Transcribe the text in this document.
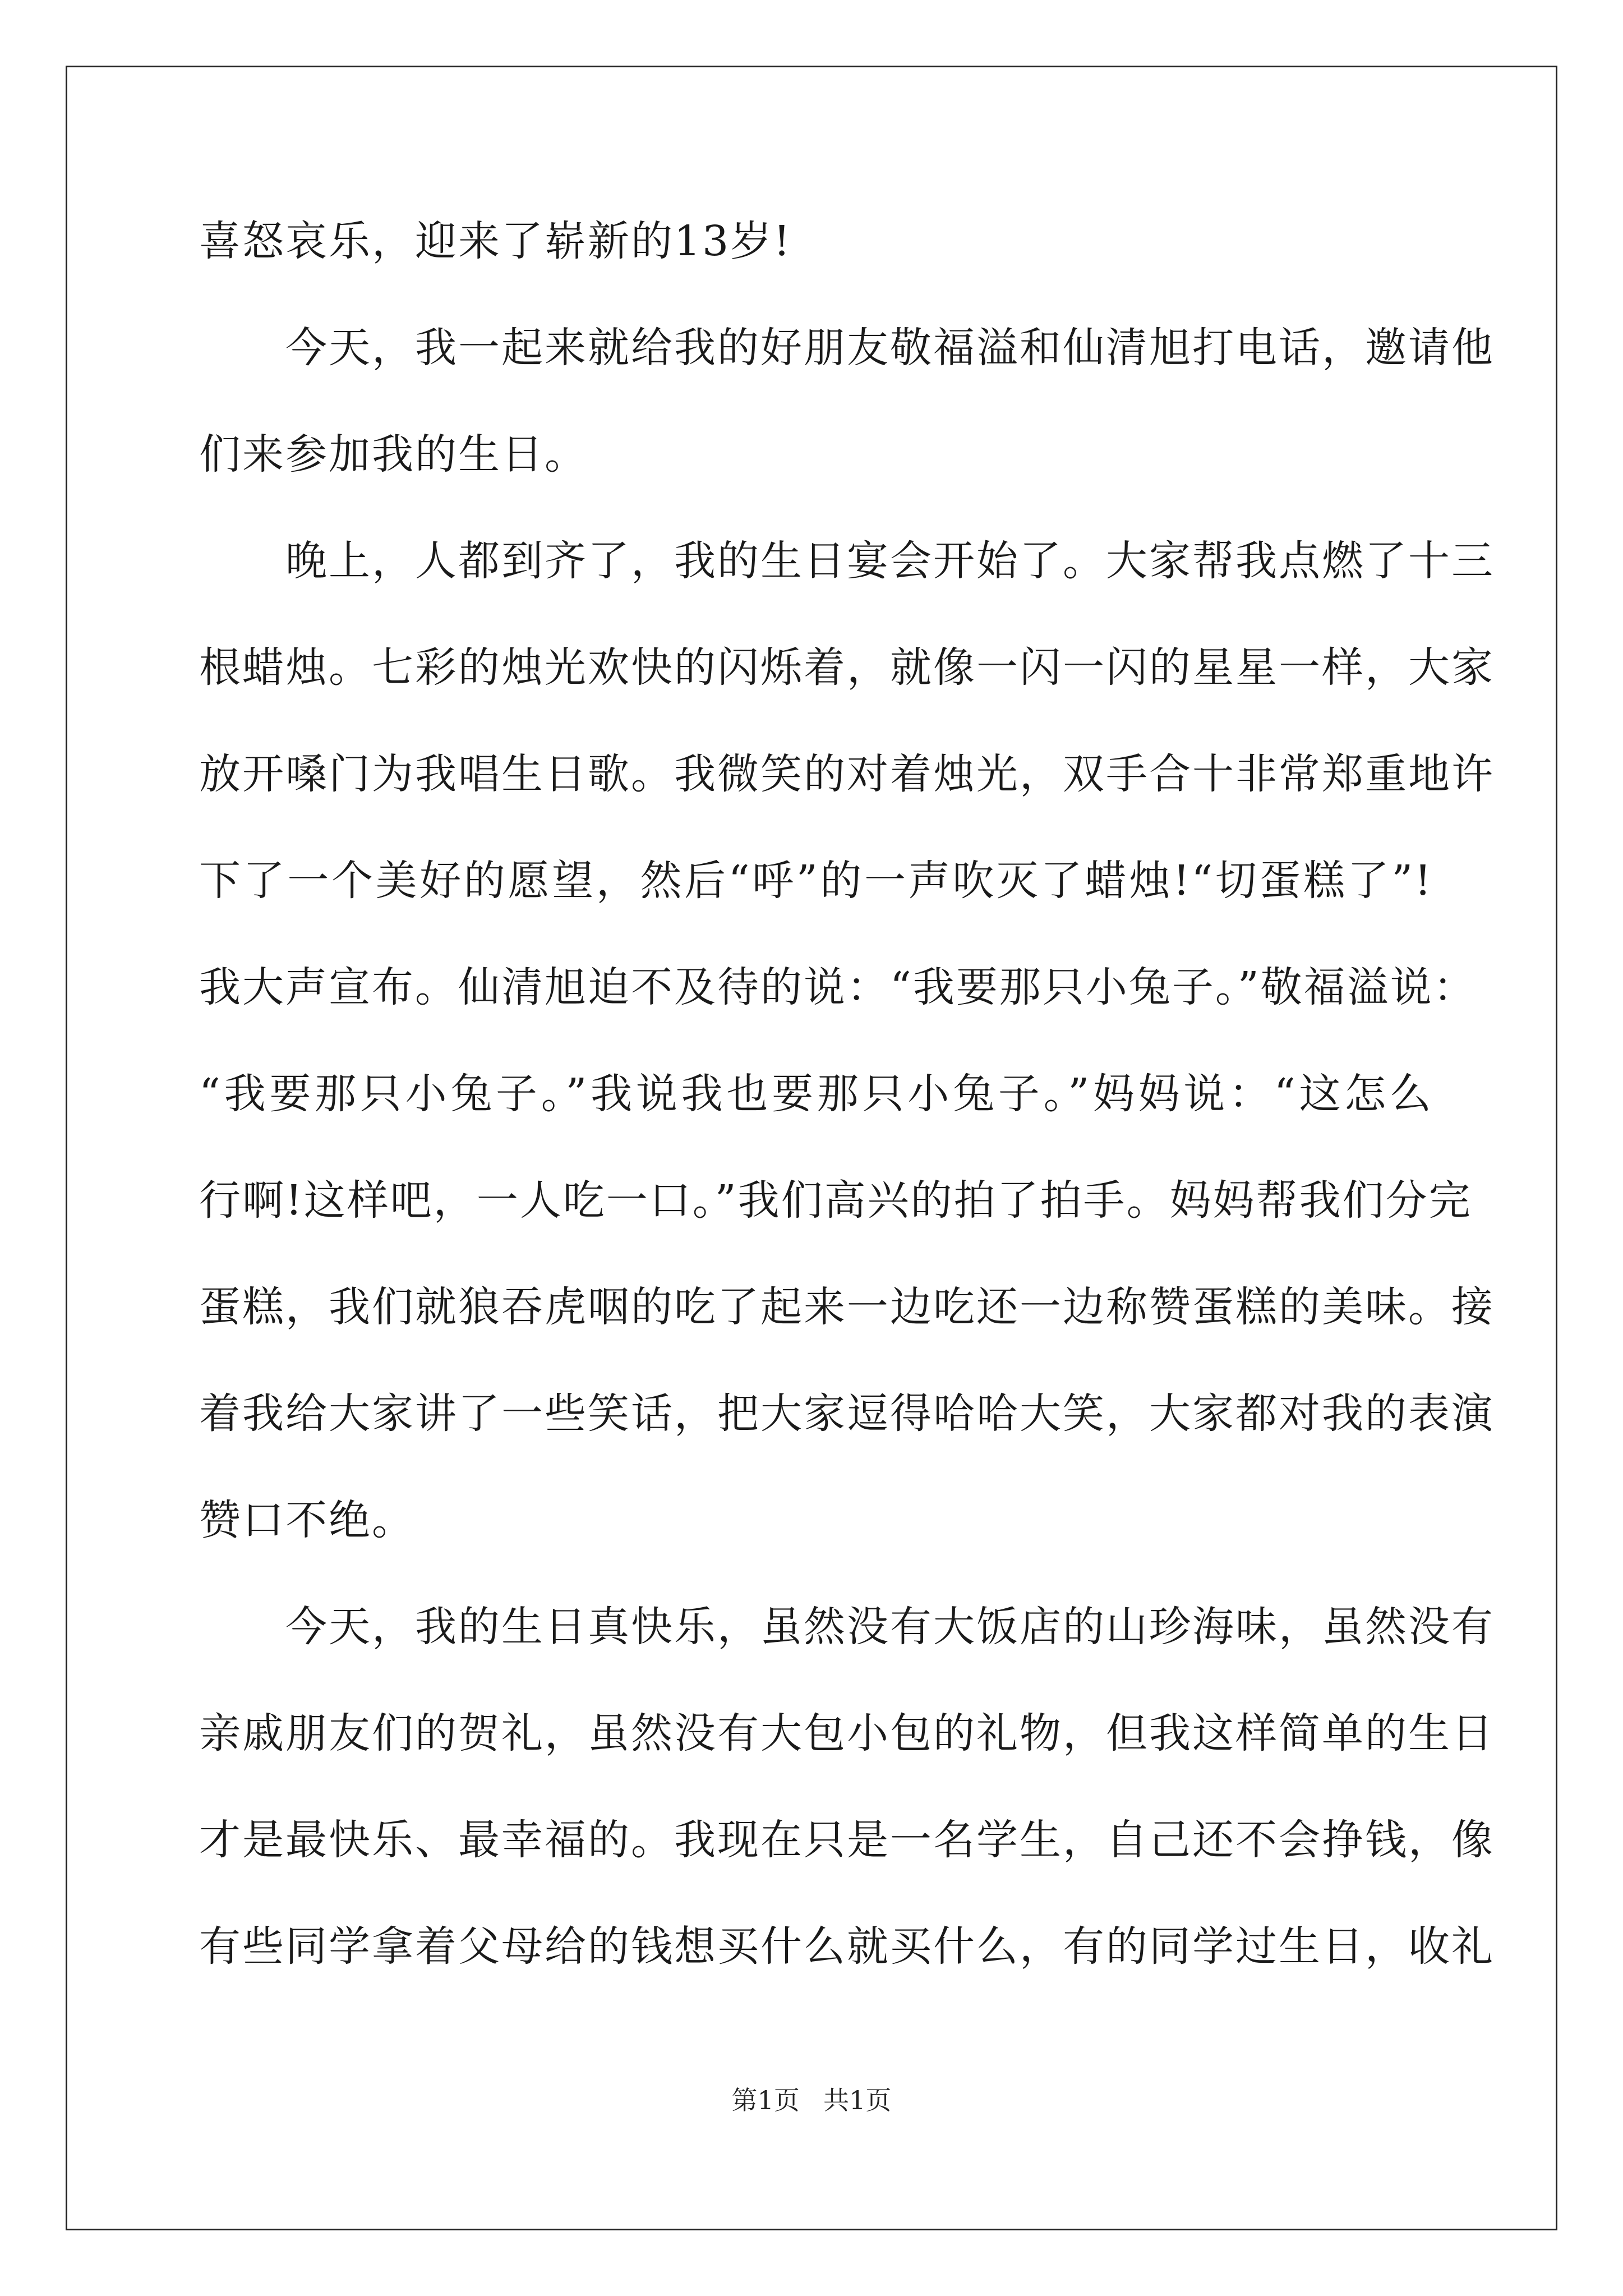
喜怒哀乐，迎来了崭新的13岁!
　　今天，我一起来就给我的好朋友敬福溢和仙清旭打电话，邀请他
们来参加我的生日。
　　晚上，人都到齐了，我的生日宴会开始了。大家帮我点燃了十三
根蜡烛。七彩的烛光欢快的闪烁着，就像一闪一闪的星星一样，大家
放开嗓门为我唱生日歌。我微笑的对着烛光，双手合十非常郑重地许
下了一个美好的愿望，然后“呼”的一声吹灭了蜡烛!“切蛋糕了”!
我大声宣布。仙清旭迫不及待的说：“我要那只小兔子。”敬福溢说：
“我要那只小兔子。”我说我也要那只小兔子。”妈妈说：“这怎么
行啊!这样吧，一人吃一口。”我们高兴的拍了拍手。妈妈帮我们分完
蛋糕，我们就狼吞虎咽的吃了起来一边吃还一边称赞蛋糕的美味。接
着我给大家讲了一些笑话，把大家逗得哈哈大笑，大家都对我的表演
赞口不绝。
　　今天，我的生日真快乐，虽然没有大饭店的山珍海味，虽然没有
亲戚朋友们的贺礼，虽然没有大包小包的礼物，但我这样简单的生日
才是最快乐、最幸福的。我现在只是一名学生，自己还不会挣钱，像
有些同学拿着父母给的钱想买什么就买什么，有的同学过生日，收礼
第1页 共1页
